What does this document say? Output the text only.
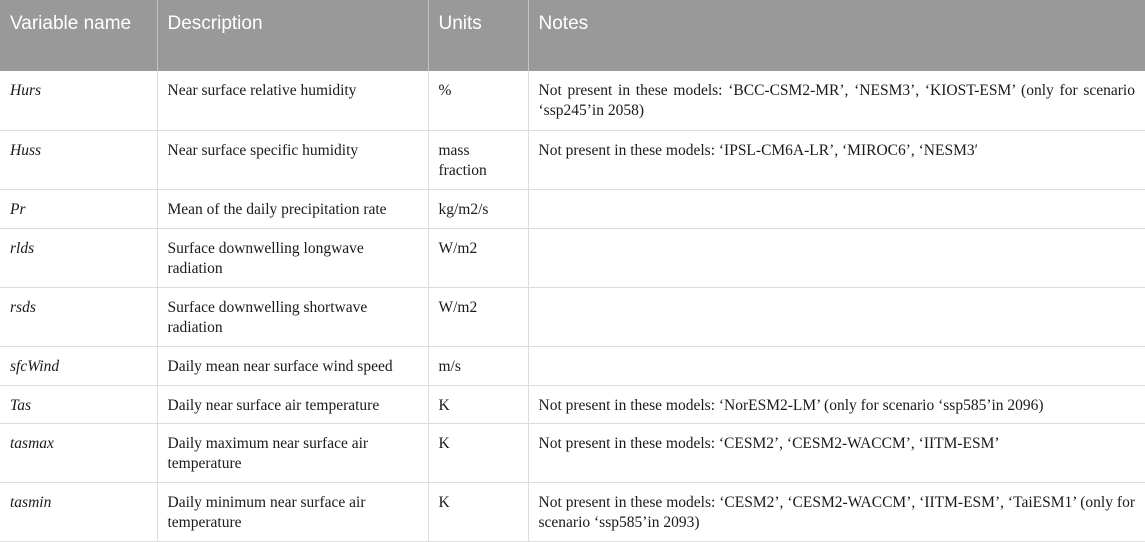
Variable name	Description	Units	Notes
Hurs	Near surface relative humidity	%	Not present in these models: ‘BCC-CSM2-MR’, ‘NESM3’, ‘KIOST-ESM’ (only for scenario ‘ssp245’in 2058)
Huss	Near surface specific humidity	mass fraction	Not present in these models: ‘IPSL-CM6A-LR’, ‘MIROC6’, ‘NESM3′
Pr	Mean of the daily precipitation rate	kg/m2/s	
rlds	Surface downwelling longwave radiation	W/m2	
rsds	Surface downwelling shortwave radiation	W/m2	
sfcWind	Daily mean near surface wind speed	m/s	
Tas	Daily near surface air temperature	K	Not present in these models: ‘NorESM2-LM’ (only for scenario ‘ssp585’in 2096)
tasmax	Daily maximum near surface air temperature	K	Not present in these models: ‘CESM2’, ‘CESM2-WACCM’, ‘IITM-ESM’
tasmin	Daily minimum near surface air temperature	K	Not present in these models: ‘CESM2’, ‘CESM2-WACCM’, ‘IITM-ESM’, ‘TaiESM1’ (only for scenario ‘ssp585’in 2093)
